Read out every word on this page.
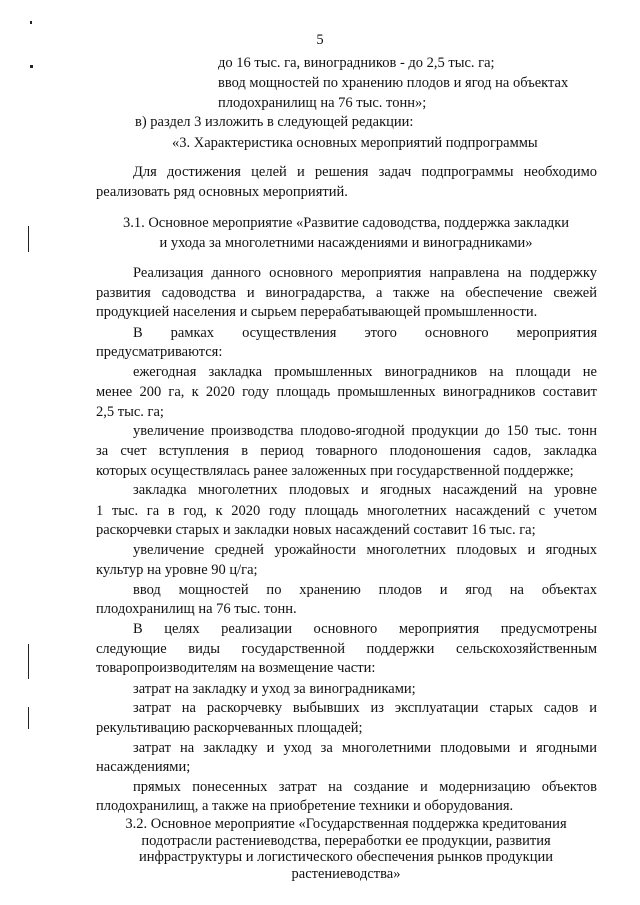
5

до 16 тыс. га, виноградников - до 2,5 тыс. га;

ввод мощностей по хранению плодов и ягод на объектах

плодохранилищ на 76 тыс. тонн»;

в) раздел 3 изложить в следующей редакции:

«3. Характеристика основных мероприятий подпрограммы

Для достижения целей и решения задач подпрограммы необходимо

реализовать ряд основных мероприятий.

3.1. Основное мероприятие «Развитие садоводства, поддержка закладки

и ухода за многолетними насаждениями и виноградниками»

Реализация данного основного мероприятия направлена на поддержку

развития садоводства и виноградарства, а также на обеспечение свежей

продукцией населения и сырьем перерабатывающей промышленности.

В рамках осуществления этого основного мероприятия

предусматриваются:

ежегодная закладка промышленных виноградников на площади не

менее 200 га, к 2020 году площадь промышленных виноградников составит

2,5 тыс. га;

увеличение производства плодово-ягодной продукции до 150 тыс. тонн

за счет вступления в период товарного плодоношения садов, закладка

которых осуществлялась ранее заложенных при государственной поддержке;

закладка многолетних плодовых и ягодных насаждений на уровне

1 тыс. га в год, к 2020 году площадь многолетних насаждений с учетом

раскорчевки старых и закладки новых насаждений составит 16 тыс. га;

увеличение средней урожайности многолетних плодовых и ягодных

культур на уровне 90 ц/га;

ввод мощностей по хранению плодов и ягод на объектах

плодохранилищ на 76 тыс. тонн.

В целях реализации основного мероприятия предусмотрены

следующие виды государственной поддержки сельскохозяйственным

товаропроизводителям на возмещение части:

затрат на закладку и уход за виноградниками;

затрат на раскорчевку выбывших из эксплуатации старых садов и

рекультивацию раскорчеванных площадей;

затрат на закладку и уход за многолетними плодовыми и ягодными

насаждениями;

прямых понесенных затрат на создание и модернизацию объектов

плодохранилищ, а также на приобретение техники и оборудования.

3.2. Основное мероприятие «Государственная поддержка кредитования

подотрасли растениеводства, переработки ее продукции, развития

инфраструктуры и логистического обеспечения рынков продукции

растениеводства»
